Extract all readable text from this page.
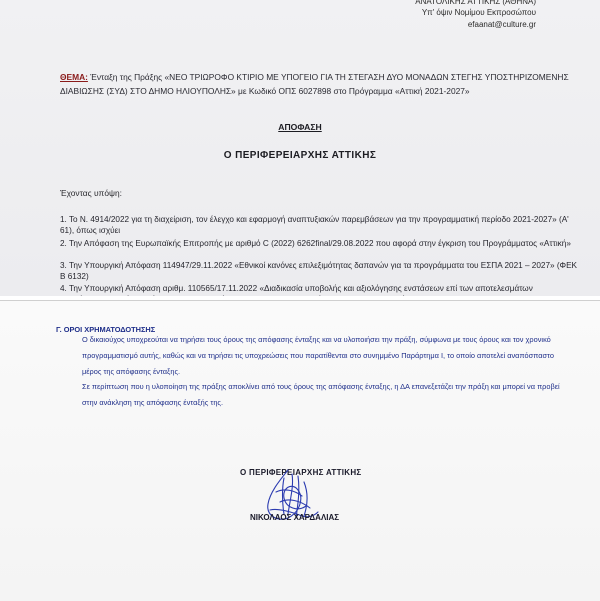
ΑΝΑΤΟΛΙΚΗΣ ΑΤΤΙΚΗΣ (ΑΘΗΝΑ)
Υπ' όψιν Νομίμου Εκπροσώπου
efaanat@culture.gr
ΘΕΜΑ: Ένταξη της Πράξης «ΝΕΟ ΤΡΙΩΡΟΦΟ ΚΤΙΡΙΟ ΜΕ ΥΠΟΓΕΙΟ ΓΙΑ ΤΗ ΣΤΕΓΑΣΗ ΔΥΟ ΜΟΝΑΔΩΝ ΣΤΕΓΗΣ ΥΠΟΣΤΗΡΙΖΟΜΕΝΗΣ ΔΙΑΒΙΩΣΗΣ (ΣΥΔ) ΣΤΟ ΔΗΜΟ ΗΛΙΟΥΠΟΛΗΣ» με Κωδικό ΟΠΣ 6027898 στο Πρόγραμμα «Αττική 2021-2027»
ΑΠΟΦΑΣΗ
Ο ΠΕΡΙΦΕΡΕΙΑΡΧΗΣ ΑΤΤΙΚΗΣ
Έχοντας υπόψη:
1. Το Ν. 4914/2022 για τη διαχείριση, τον έλεγχο και εφαρμογή αναπτυξιακών παρεμβάσεων για την προγραμματική περίοδο 2021-2027» (Α' 61), όπως ισχύει
2. Την Απόφαση της Ευρωπαϊκής Επιτροπής με αριθμό C (2022) 6262final/29.08.2022 που αφορά στην έγκριση του Προγράμματος «Αττική»
3. Την Υπουργική Απόφαση 114947/29.11.2022 «Εθνικοί κανόνες επιλεξιμότητας δαπανών για τα προγράμματα του ΕΣΠΑ 2021 – 2027» (ΦΕΚ Β 6132)
4. Την Υπουργική Απόφαση αριθμ. 110565/17.11.2022 «Διαδικασία υποβολής και αξιολόγησης ενστάσεων επί των αποτελεσμάτων
Γ. ΟΡΟΙ ΧΡΗΜΑΤΟΔΟΤΗΣΗΣ
Ο δικαιούχος υποχρεούται να τηρήσει τους όρους της απόφασης ένταξης και να υλοποιήσει την πράξη, σύμφωνα με τους όρους και τον χρονικό προγραμματισμό αυτής, καθώς και να τηρήσει τις υποχρεώσεις που παρατίθενται στο συνημμένο Παράρτημα Ι, το οποίο αποτελεί αναπόσπαστο μέρος της απόφασης ένταξης.
Σε περίπτωση που η υλοποίηση της πράξης αποκλίνει από τους όρους της απόφασης ένταξης, η ΔΑ επανεξετάζει την πράξη και μπορεί να προβεί στην ανάκληση της απόφασης ένταξής της.
Ο ΠΕΡΙΦΕΡΕΙΑΡΧΗΣ ΑΤΤΙΚΗΣ
ΝΙΚΟΛΑΟΣ ΧΑΡΔΑΛΙΑΣ
